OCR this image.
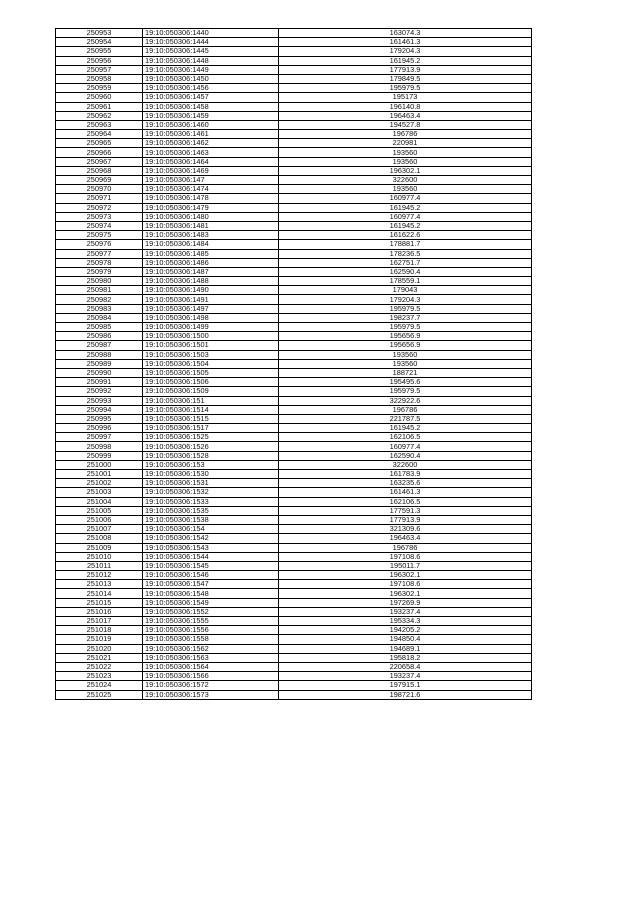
250953	19:10:050306:1440	163074.3
250954	19:10:050306:1444	161461.3
250955	19:10:050306:1445	179204.3
250956	19:10:050306:1448	161945.2
250957	19:10:050306:1449	177913.9
250958	19:10:050306:1450	179849.5
250959	19:10:050306:1456	195979.5
250960	19:10:050306:1457	195173
250961	19:10:050306:1458	196140.8
250962	19:10:050306:1459	196463.4
250963	19:10:050306:1460	194527.8
250964	19:10:050306:1461	196786
250965	19:10:050306:1462	220981
250966	19:10:050306:1463	193560
250967	19:10:050306:1464	193560
250968	19:10:050306:1469	196302.1
250969	19:10:050306:147	322600
250970	19:10:050306:1474	193560
250971	19:10:050306:1478	160977.4
250972	19:10:050306:1479	161945.2
250973	19:10:050306:1480	160977.4
250974	19:10:050306:1481	161945.2
250975	19:10:050306:1483	161622.6
250976	19:10:050306:1484	178881.7
250977	19:10:050306:1485	178236.5
250978	19:10:050306:1486	162751.7
250979	19:10:050306:1487	162590.4
250980	19:10:050306:1488	178559.1
250981	19:10:050306:1490	179043
250982	19:10:050306:1491	179204.3
250983	19:10:050306:1497	195979.5
250984	19:10:050306:1498	198237.7
250985	19:10:050306:1499	195979.5
250986	19:10:050306:1500	195656.9
250987	19:10:050306:1501	195656.9
250988	19:10:050306:1503	193560
250989	19:10:050306:1504	193560
250990	19:10:050306:1505	188721
250991	19:10:050306:1506	195495.6
250992	19:10:050306:1509	195979.5
250993	19:10:050306:151	322922.6
250994	19:10:050306:1514	196786
250995	19:10:050306:1515	221787.5
250996	19:10:050306:1517	161945.2
250997	19:10:050306:1525	162106.5
250998	19:10:050306:1526	160977.4
250999	19:10:050306:1528	162590.4
251000	19:10:050306:153	322600
251001	19:10:050306:1530	161783.9
251002	19:10:050306:1531	163235.6
251003	19:10:050306:1532	161461.3
251004	19:10:050306:1533	162106.5
251005	19:10:050306:1535	177591.3
251006	19:10:050306:1538	177913.9
251007	19:10:050306:154	321309.6
251008	19:10:050306:1542	196463.4
251009	19:10:050306:1543	196786
251010	19:10:050306:1544	197108.6
251011	19:10:050306:1545	195011.7
251012	19:10:050306:1546	196302.1
251013	19:10:050306:1547	197108.6
251014	19:10:050306:1548	196302.1
251015	19:10:050306:1549	197269.9
251016	19:10:050306:1552	193237.4
251017	19:10:050306:1555	195334.3
251018	19:10:050306:1556	194205.2
251019	19:10:050306:1558	194850.4
251020	19:10:050306:1562	194689.1
251021	19:10:050306:1563	195818.2
251022	19:10:050306:1564	220658.4
251023	19:10:050306:1566	193237.4
251024	19:10:050306:1572	197915.1
251025	19:10:050306:1573	198721.6
